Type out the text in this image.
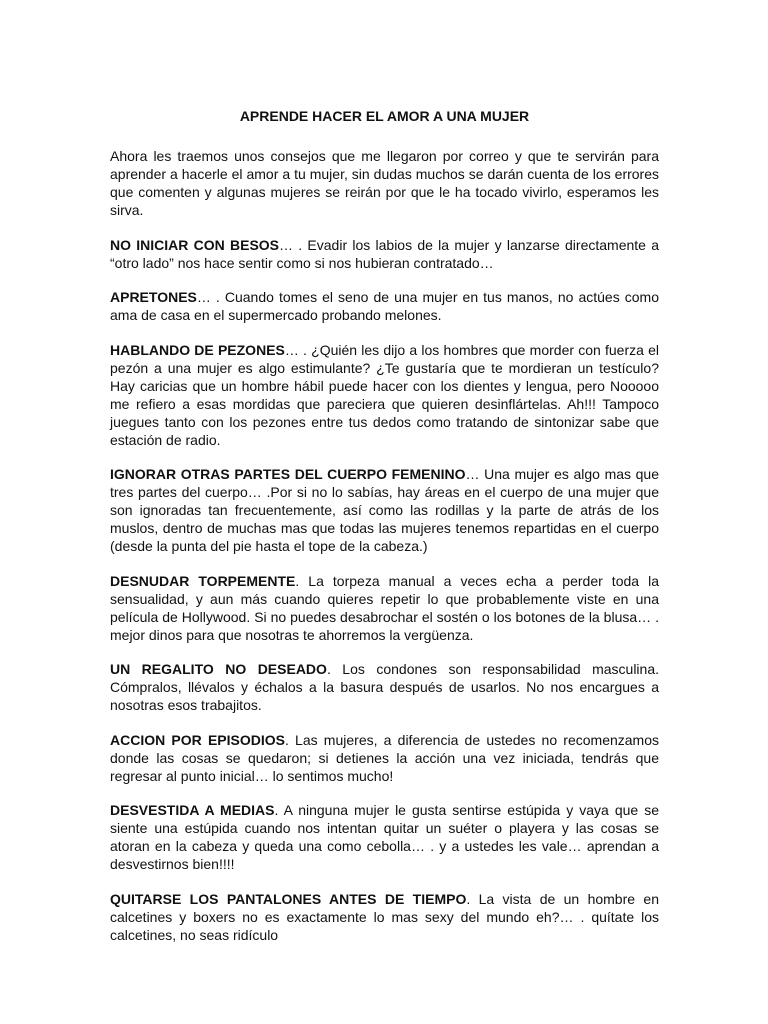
APRENDE HACER EL AMOR A UNA MUJER

Ahora les traemos unos consejos que me llegaron por correo y que te servirán para aprender a hacerle el amor a tu mujer, sin dudas muchos se darán cuenta de los errores que comenten y algunas mujeres se reirán por que le ha tocado vivirlo, esperamos les sirva.

NO INICIAR CON BESOS… . Evadir los labios de la mujer y lanzarse directamente a “otro lado” nos hace sentir como si nos hubieran contratado…

APRETONES… . Cuando tomes el seno de una mujer en tus manos, no actúes como ama de casa en el supermercado probando melones.

HABLANDO DE PEZONES… . ¿Quién les dijo a los hombres que morder con fuerza el pezón a una mujer es algo estimulante? ¿Te gustaría que te mordieran un testículo? Hay caricias que un hombre hábil puede hacer con los dientes y lengua, pero Nooooo me refiero a esas mordidas que pareciera que quieren desinflártelas. Ah!!! Tampoco juegues tanto con los pezones entre tus dedos como tratando de sintonizar sabe que estación de radio.

IGNORAR OTRAS PARTES DEL CUERPO FEMENINO… Una mujer es algo mas que tres partes del cuerpo… .Por si no lo sabías, hay áreas en el cuerpo de una mujer que son ignoradas tan frecuentemente, así como las rodillas y la parte de atrás de los muslos, dentro de muchas mas que todas las mujeres tenemos repartidas en el cuerpo (desde la punta del pie hasta el tope de la cabeza.)

DESNUDAR TORPEMENTE. La torpeza manual a veces echa a perder toda la sensualidad, y aun más cuando quieres repetir lo que probablemente viste en una película de Hollywood. Si no puedes desabrochar el sostén o los botones de la blusa… . mejor dinos para que nosotras te ahorremos la vergüenza.

UN REGALITO NO DESEADO. Los condones son responsabilidad masculina. Cómpralos, llévalos y échalos a la basura después de usarlos. No nos encargues a nosotras esos trabajitos.

ACCION POR EPISODIOS. Las mujeres, a diferencia de ustedes no recomenzamos donde las cosas se quedaron; si detienes la acción una vez iniciada, tendrás que regresar al punto inicial… lo sentimos mucho!

DESVESTIDA A MEDIAS. A ninguna mujer le gusta sentirse estúpida y vaya que se siente una estúpida cuando nos intentan quitar un suéter o playera y las cosas se atoran en la cabeza y queda una como cebolla… . y a ustedes les vale… aprendan a desvestirnos bien!!!!

QUITARSE LOS PANTALONES ANTES DE TIEMPO. La vista de un hombre en calcetines y boxers no es exactamente lo mas sexy del mundo eh?… . quítate los calcetines, no seas ridículo
